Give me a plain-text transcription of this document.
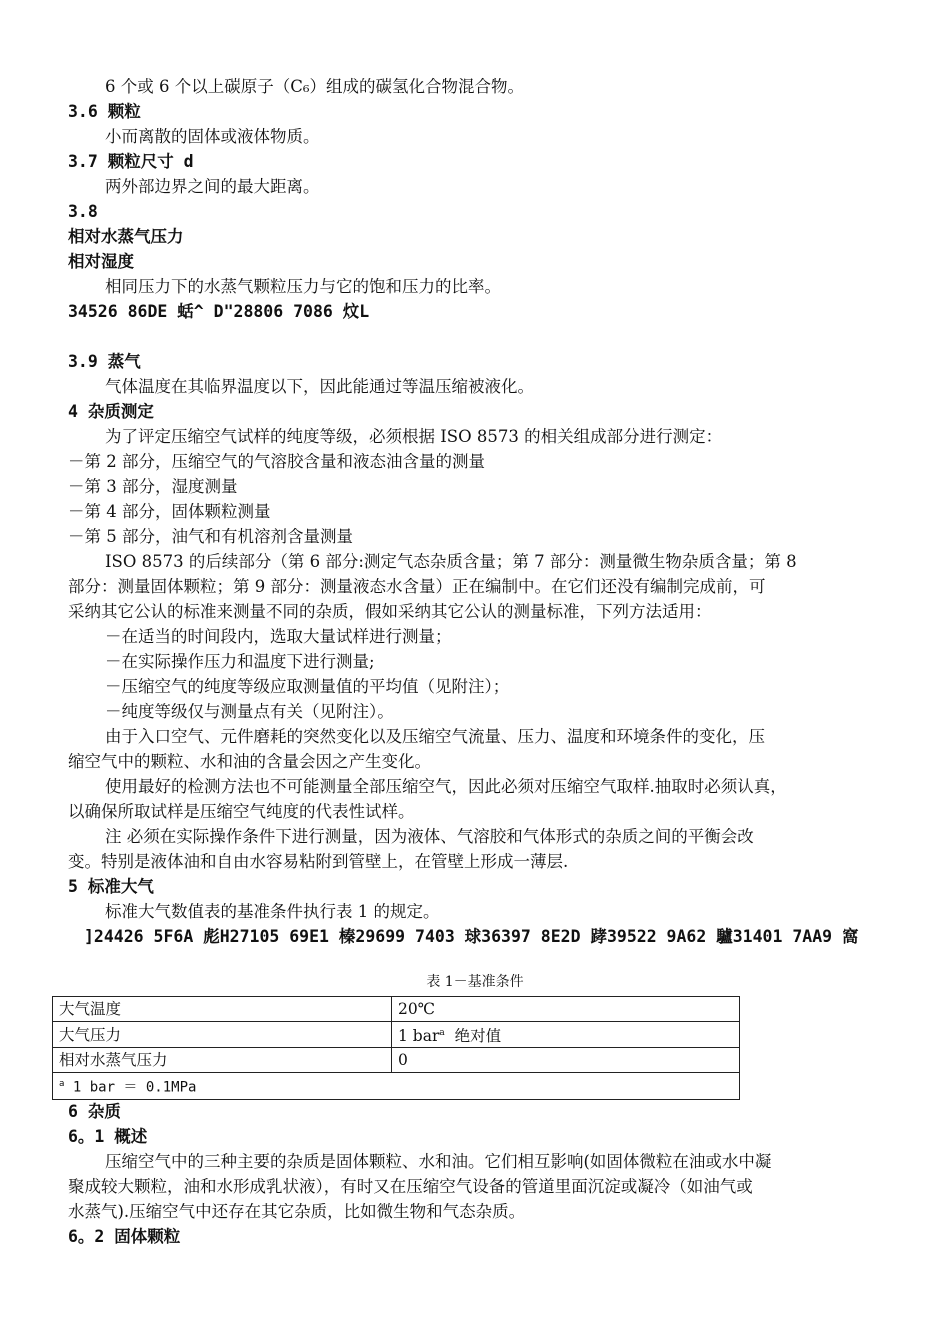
6 个或 6 个以上碳原子（C₆）组成的碳氢化合物混合物。
3.6 颗粒
小而离散的固体或液体物质。
3.7 颗粒尺寸 d
两外部边界之间的最大距离。
3.8
相对水蒸气压力
相对湿度
相同压力下的水蒸气颗粒压力与它的饱和压力的比率。
34526 86DE 蛞^ D"28806 7086 炆L
3.9 蒸气
气体温度在其临界温度以下，因此能通过等温压缩被液化。
4 杂质测定
为了评定压缩空气试样的纯度等级，必须根据 ISO 8573 的相关组成部分进行测定：
－第 2 部分，压缩空气的气溶胶含量和液态油含量的测量
－第 3 部分，湿度测量
－第 4 部分，固体颗粒测量
－第 5 部分，油气和有机溶剂含量测量
ISO 8573 的后续部分（第 6 部分:测定气态杂质含量；第 7 部分：测量微生物杂质含量；第 8
部分：测量固体颗粒；第 9 部分：测量液态水含量）正在编制中。在它们还没有编制完成前，可
采纳其它公认的标准来测量不同的杂质，假如采纳其它公认的测量标准，下列方法适用：
－在适当的时间段内，选取大量试样进行测量；
－在实际操作压力和温度下进行测量;
－压缩空气的纯度等级应取测量值的平均值（见附注）；
－纯度等级仅与测量点有关（见附注）。
由于入口空气、元件磨耗的突然变化以及压缩空气流量、压力、温度和环境条件的变化，压
缩空气中的颗粒、水和油的含量会因之产生变化。
使用最好的检测方法也不可能测量全部压缩空气，因此必须对压缩空气取样.抽取时必须认真，
以确保所取试样是压缩空气纯度的代表性试样。
注 必须在实际操作条件下进行测量，因为液体、气溶胶和气体形式的杂质之间的平衡会改
变。特别是液体油和自由水容易粘附到管壁上，在管壁上形成一薄层.
5 标准大气
标准大气数值表的基准条件执行表 1 的规定。
]24426 5F6A 彪H27105 69E1 榛29699 7403 球36397 8E2D 踍39522 9A62 驢31401 7AA9 窩
表 1－基准条件
大气温度	20℃
大气压力	1 bar$^a$  绝对值
相对水蒸气压力	0
$^a$ 1 bar ＝ 0.1MPa	
6 杂质
6。1 概述
压缩空气中的三种主要的杂质是固体颗粒、水和油。它们相互影响(如固体微粒在油或水中凝
聚成较大颗粒，油和水形成乳状液），有时又在压缩空气设备的管道里面沉淀或凝冷（如油气或
水蒸气).压缩空气中还存在其它杂质，比如微生物和气态杂质。
6。2 固体颗粒
